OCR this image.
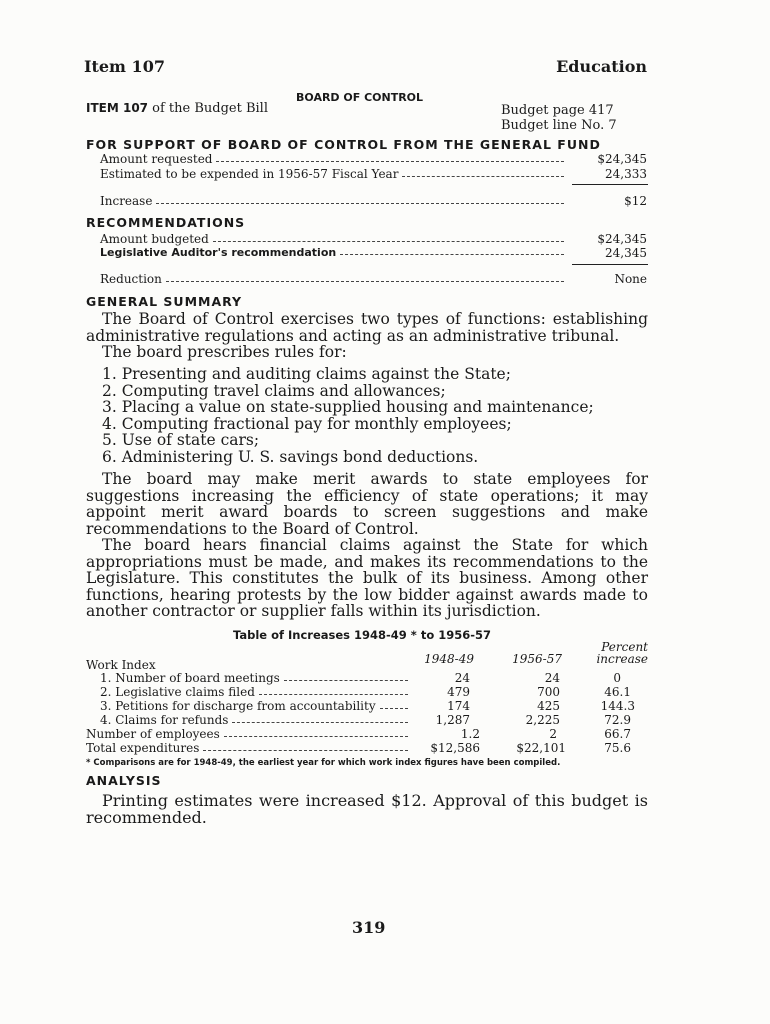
Item 107	Education
BOARD OF CONTROL
ITEM 107 of the Budget Bill	Budget page 417
Budget line No. 7
FOR SUPPORT OF BOARD OF CONTROL FROM THE GENERAL FUND
Amount requested	$24,345
Estimated to be expended in 1956-57 Fiscal Year	24,333
Increase	$12
RECOMMENDATIONS
Amount budgeted	$24,345
Legislative Auditor's recommendation	24,345
Reduction	None
GENERAL SUMMARY

The Board of Control exercises two types of functions: establishing administrative regulations and acting as an administrative tribunal.

The board prescribes rules for:

1. Presenting and auditing claims against the State;
2. Computing travel claims and allowances;
3. Placing a value on state-supplied housing and maintenance;
4. Computing fractional pay for monthly employees;
5. Use of state cars;
6. Administering U. S. savings bond deductions.

The board may make merit awards to state employees for suggestions increasing the efficiency of state operations; it may appoint merit award boards to screen suggestions and make recommendations to the Board of Control.

The board hears financial claims against the State for which appropriations must be made, and makes its recommendations to the Legislature. This constitutes the bulk of its business. Among other functions, hearing protests by the low bidder against awards made to another contractor or supplier falls within its jurisdiction.

Table of Increases 1948-49 * to 1956-57
Percent
increase
1948-49	1956-57
Work Index
1. Number of board meetings	24	24	0
2. Legislative claims filed	479	700	46.1
3. Petitions for discharge from accountability	174	425	144.3
4. Claims for refunds	1,287	2,225	72.9
Number of employees	1.2	2	66.7
Total expenditures	$12,586	$22,101	75.6
* Comparisons are for 1948-49, the earliest year for which work index figures have been compiled.
ANALYSIS

Printing estimates were increased $12. Approval of this budget is recommended.

319
